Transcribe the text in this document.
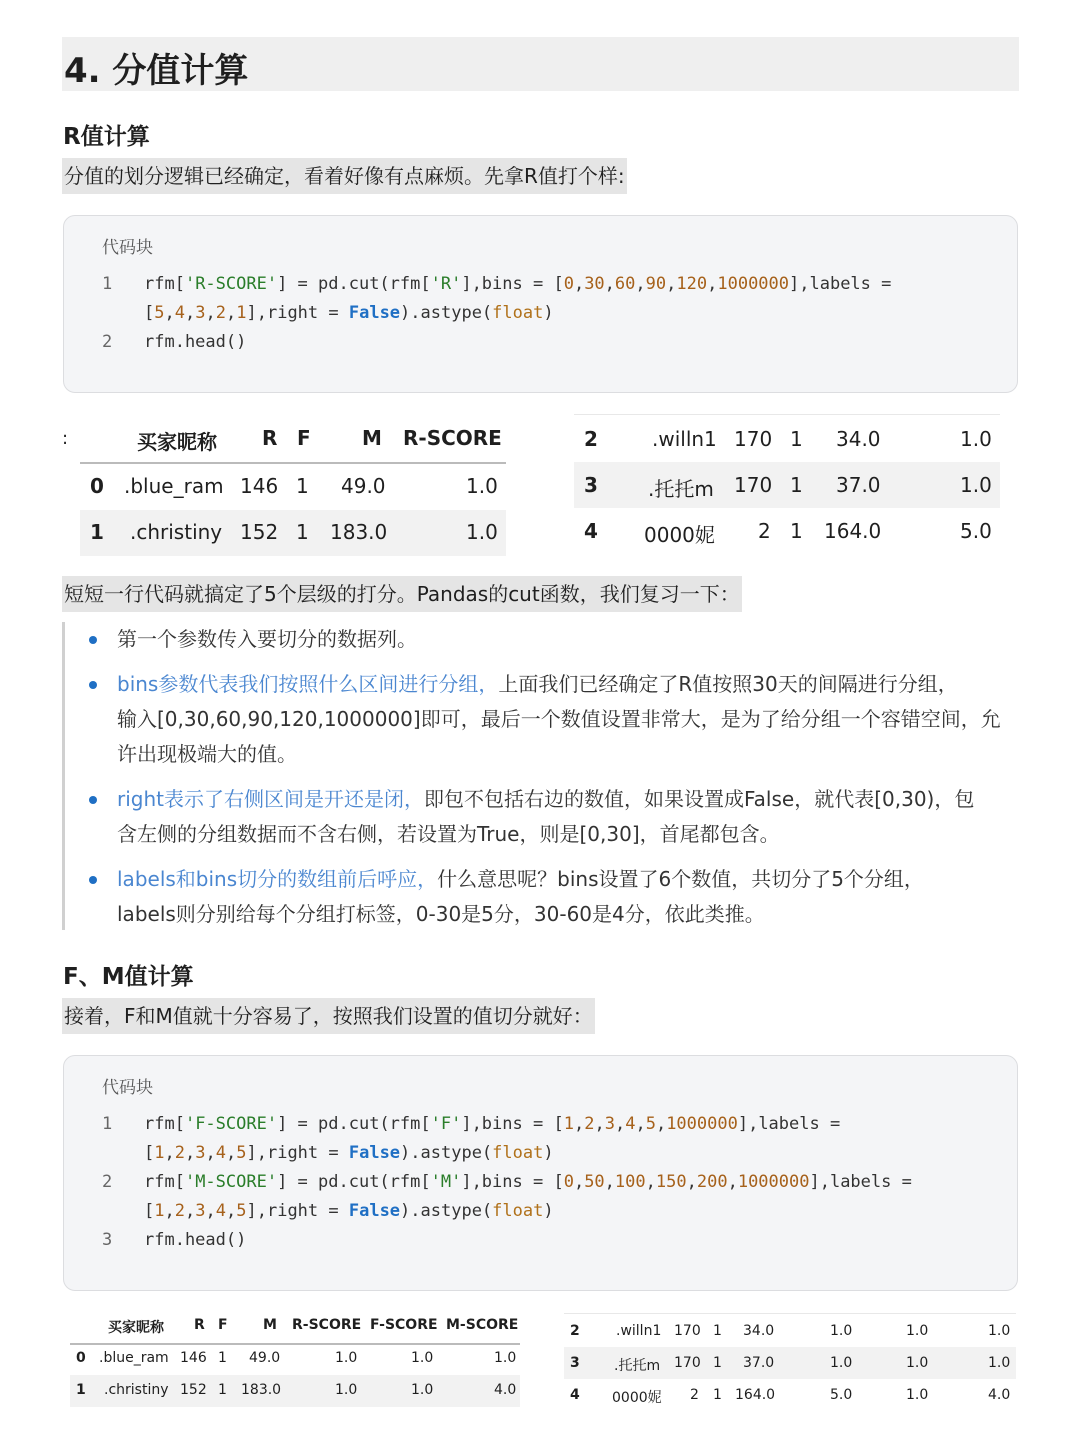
4. 分值计算
R值计算
分值的划分逻辑已经确定，看着好像有点麻烦。先拿R值打个样:
代码块
1 rfm['R-SCORE'] = pd.cut(rfm['R'],bins = [0,30,60,90,120,1000000],labels =
[5,4,3,2,1],right = False).astype(float)
2 rfm.head()
:	买家昵称 R F	M R-SCORE
0 .blue_ram 146 1 49.0	1.0
1 .christiny 152 1 183.0	1.0
2	.willn1 170 1 34.0	1.0
3	.托托m 170 1 37.0	1.0
4 0000妮 2 1 164.0	5.0
短短一行代码就搞定了5个层级的打分。Pandas的cut函数，我们复习一下：
第一个参数传入要切分的数据列。
bins参数代表我们按照什么区间进行分组，上面我们已经确定了R值按照30天的间隔进行分组，
输入[0,30,60,90,120,1000000]即可，最后一个数值设置非常大，是为了给分组一个容错空间，允
许出现极端大的值。
right表示了右侧区间是开还是闭，即包不包括右边的数值，如果设置成False，就代表[0,30)，包
含左侧的分组数据而不含右侧，若设置为True，则是[0,30]，首尾都包含。
labels和bins切分的数组前后呼应，什么意思呢？bins设置了6个数值，共切分了5个分组，
labels则分别给每个分组打标签，0-30是5分，30-60是4分，依此类推。
F、M值计算
接着，F和M值就十分容易了，按照我们设置的值切分就好：
代码块
1 rfm['F-SCORE'] = pd.cut(rfm['F'],bins = [1,2,3,4,5,1000000],labels =
[1,2,3,4,5],right = False).astype(float)
2 rfm['M-SCORE'] = pd.cut(rfm['M'],bins = [0,50,100,150,200,1000000],labels =
[1,2,3,4,5],right = False).astype(float)
3 rfm.head()
买家昵称 R F	M R-SCORE F-SCORE M-SCORE
0 .blue_ram 146 1 49.0	1.0	1.0	1.0
1 .christiny 152 1 183.0	1.0	1.0	4.0
2	.willn1 170 1 34.0	1.0	1.0	1.0
3 .托托m 170 1 37.0	1.0	1.0	1.0
4 0000妮 2 1 164.0	5.0	1.0	4.0
